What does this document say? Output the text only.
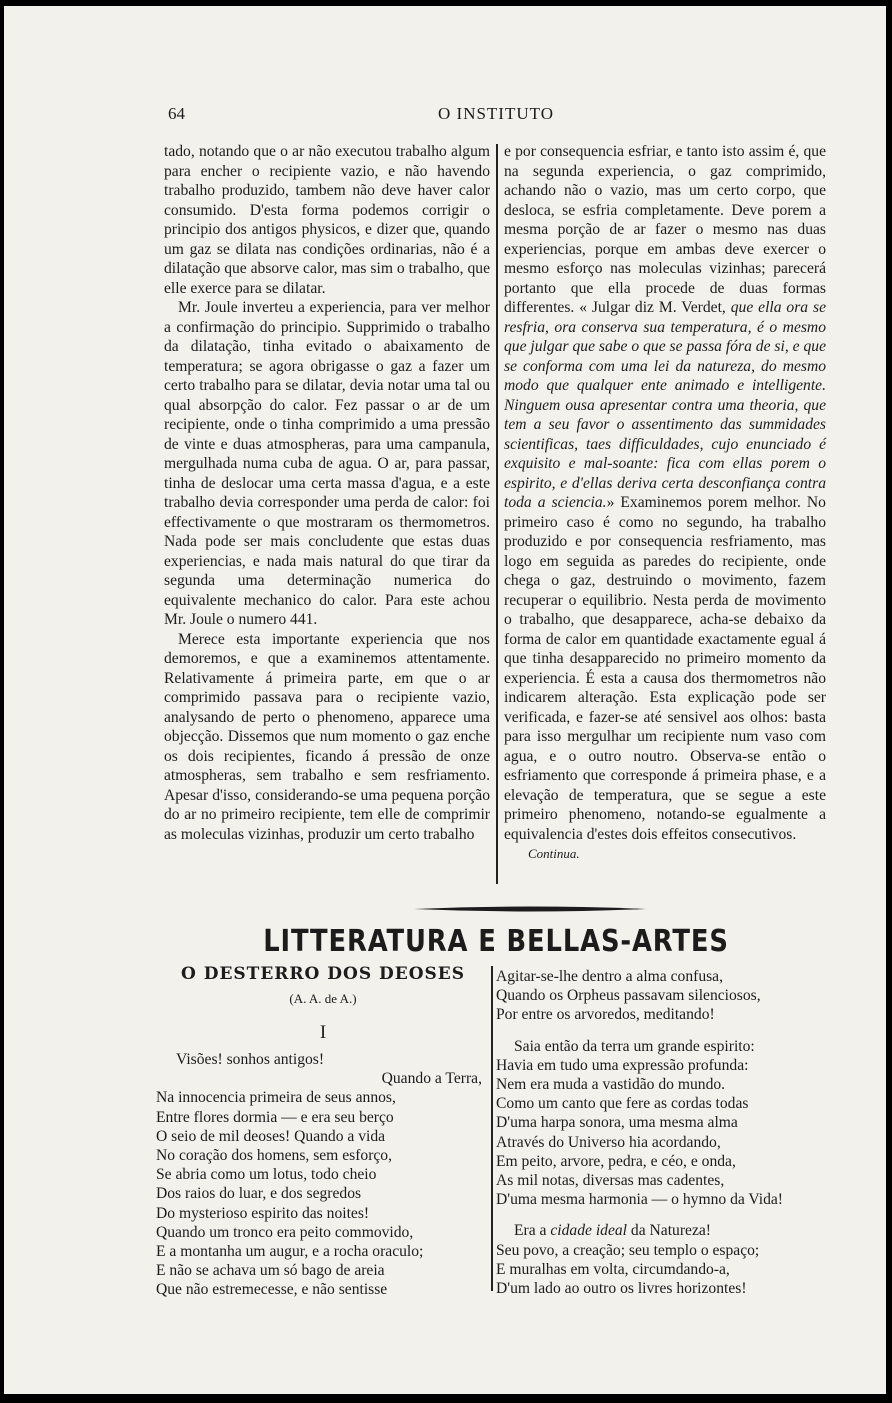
64	O INSTITUTO

tado, notando que o ar não executou trabalho algum para encher o recipiente vazio, e não havendo trabalho produzido, tambem não deve haver calor consumido. D'esta forma podemos corrigir o principio dos antigos physicos, e dizer que, quando um gaz se dilata nas condições ordinarias, não é a dilatação que absorve calor, mas sim o trabalho, que elle exerce para se dilatar.

Mr. Joule inverteu a experiencia, para ver melhor a confirmação do principio. Supprimido o trabalho da dilatação, tinha evitado o abaixamento de temperatura; se agora obrigasse o gaz a fazer um certo trabalho para se dilatar, devia notar uma tal ou qual absorpção do calor. Fez passar o ar de um recipiente, onde o tinha comprimido a uma pressão de vinte e duas atmospheras, para uma campanula, mergulhada numa cuba de agua. O ar, para passar, tinha de deslocar uma certa massa d'agua, e a este trabalho devia corresponder uma perda de calor: foi effectivamente o que mostraram os thermometros. Nada pode ser mais concludente que estas duas experiencias, e nada mais natural do que tirar da segunda uma determinação numerica do equivalente mechanico do calor. Para este achou Mr. Joule o numero 441.

Merece esta importante experiencia que nos demoremos, e que a examinemos attentamente. Relativamente á primeira parte, em que o ar comprimido passava para o recipiente vazio, analysando de perto o phenomeno, apparece uma objecção. Dissemos que num momento o gaz enche os dois recipientes, ficando á pressão de onze atmospheras, sem trabalho e sem resfriamento. Apesar d'isso, considerando-se uma pequena porção do ar no primeiro recipiente, tem elle de comprimir as moleculas vizinhas, produzir um certo trabalho

e por consequencia esfriar, e tanto isto assim é, que na segunda experiencia, o gaz comprimido, achando não o vazio, mas um certo corpo, que desloca, se esfria completamente. Deve porem a mesma porção de ar fazer o mesmo nas duas experiencias, porque em ambas deve exercer o mesmo esforço nas moleculas vizinhas; parecerá portanto que ella procede de duas formas differentes. « Julgar diz M. Verdet, que ella ora se resfria, ora conserva sua temperatura, é o mesmo que julgar que sabe o que se passa fóra de si, e que se conforma com uma lei da natureza, do mesmo modo que qualquer ente animado e intelligente. Ninguem ousa apresentar contra uma theoria, que tem a seu favor o assentimento das summidades scientificas, taes difficuldades, cujo enunciado é exquisito e mal-soante: fica com ellas porem o espirito, e d'ellas deriva certa desconfiança contra toda a sciencia.» Examinemos porem melhor. No primeiro caso é como no segundo, ha trabalho produzido e por consequencia resfriamento, mas logo em seguida as paredes do recipiente, onde chega o gaz, destruindo o movimento, fazem recuperar o equilibrio. Nesta perda de movimento o trabalho, que desapparece, acha-se debaixo da forma de calor em quantidade exactamente egual á que tinha desapparecido no primeiro momento da experiencia. É esta a causa dos thermometros não indicarem alteração. Esta explicação pode ser verificada, e fazer-se até sensivel aos olhos: basta para isso mergulhar um recipiente num vaso com agua, e o outro noutro. Observa-se então o esfriamento que corresponde á primeira phase, e a elevação de temperatura, que se segue a este primeiro phenomeno, notando-se egualmente a equivalencia d'estes dois effeitos consecutivos.

Continua.
LITTERATURA E BELLAS-ARTES
O DESTERRO DOS DEOSES
(A. A. de A.)
I
Visões! sonhos antigos!
Quando a Terra,
Na innocencia primeira de seus annos,
Entre flores dormia — e era seu berço
O seio de mil deoses! Quando a vida
No coração dos homens, sem esforço,
Se abria como um lotus, todo cheio
Dos raios do luar, e dos segredos
Do mysterioso espirito das noites!
Quando um tronco era peito commovido,
E a montanha um augur, e a rocha oraculo;
E não se achava um só bago de areia
Que não estremecesse, e não sentisse
Agitar-se-lhe dentro a alma confusa,
Quando os Orpheus passavam silenciosos,
Por entre os arvoredos, meditando!
Saia então da terra um grande espirito:
Havia em tudo uma expressão profunda:
Nem era muda a vastidão do mundo.
Como um canto que fere as cordas todas
D'uma harpa sonora, uma mesma alma
Através do Universo hia acordando,
Em peito, arvore, pedra, e céo, e onda,
As mil notas, diversas mas cadentes,
D'uma mesma harmonia — o hymno da Vida!
Era a cidade ideal da Natureza!
Seu povo, a creação; seu templo o espaço;
E muralhas em volta, circumdando-a,
D'um lado ao outro os livres horizontes!
